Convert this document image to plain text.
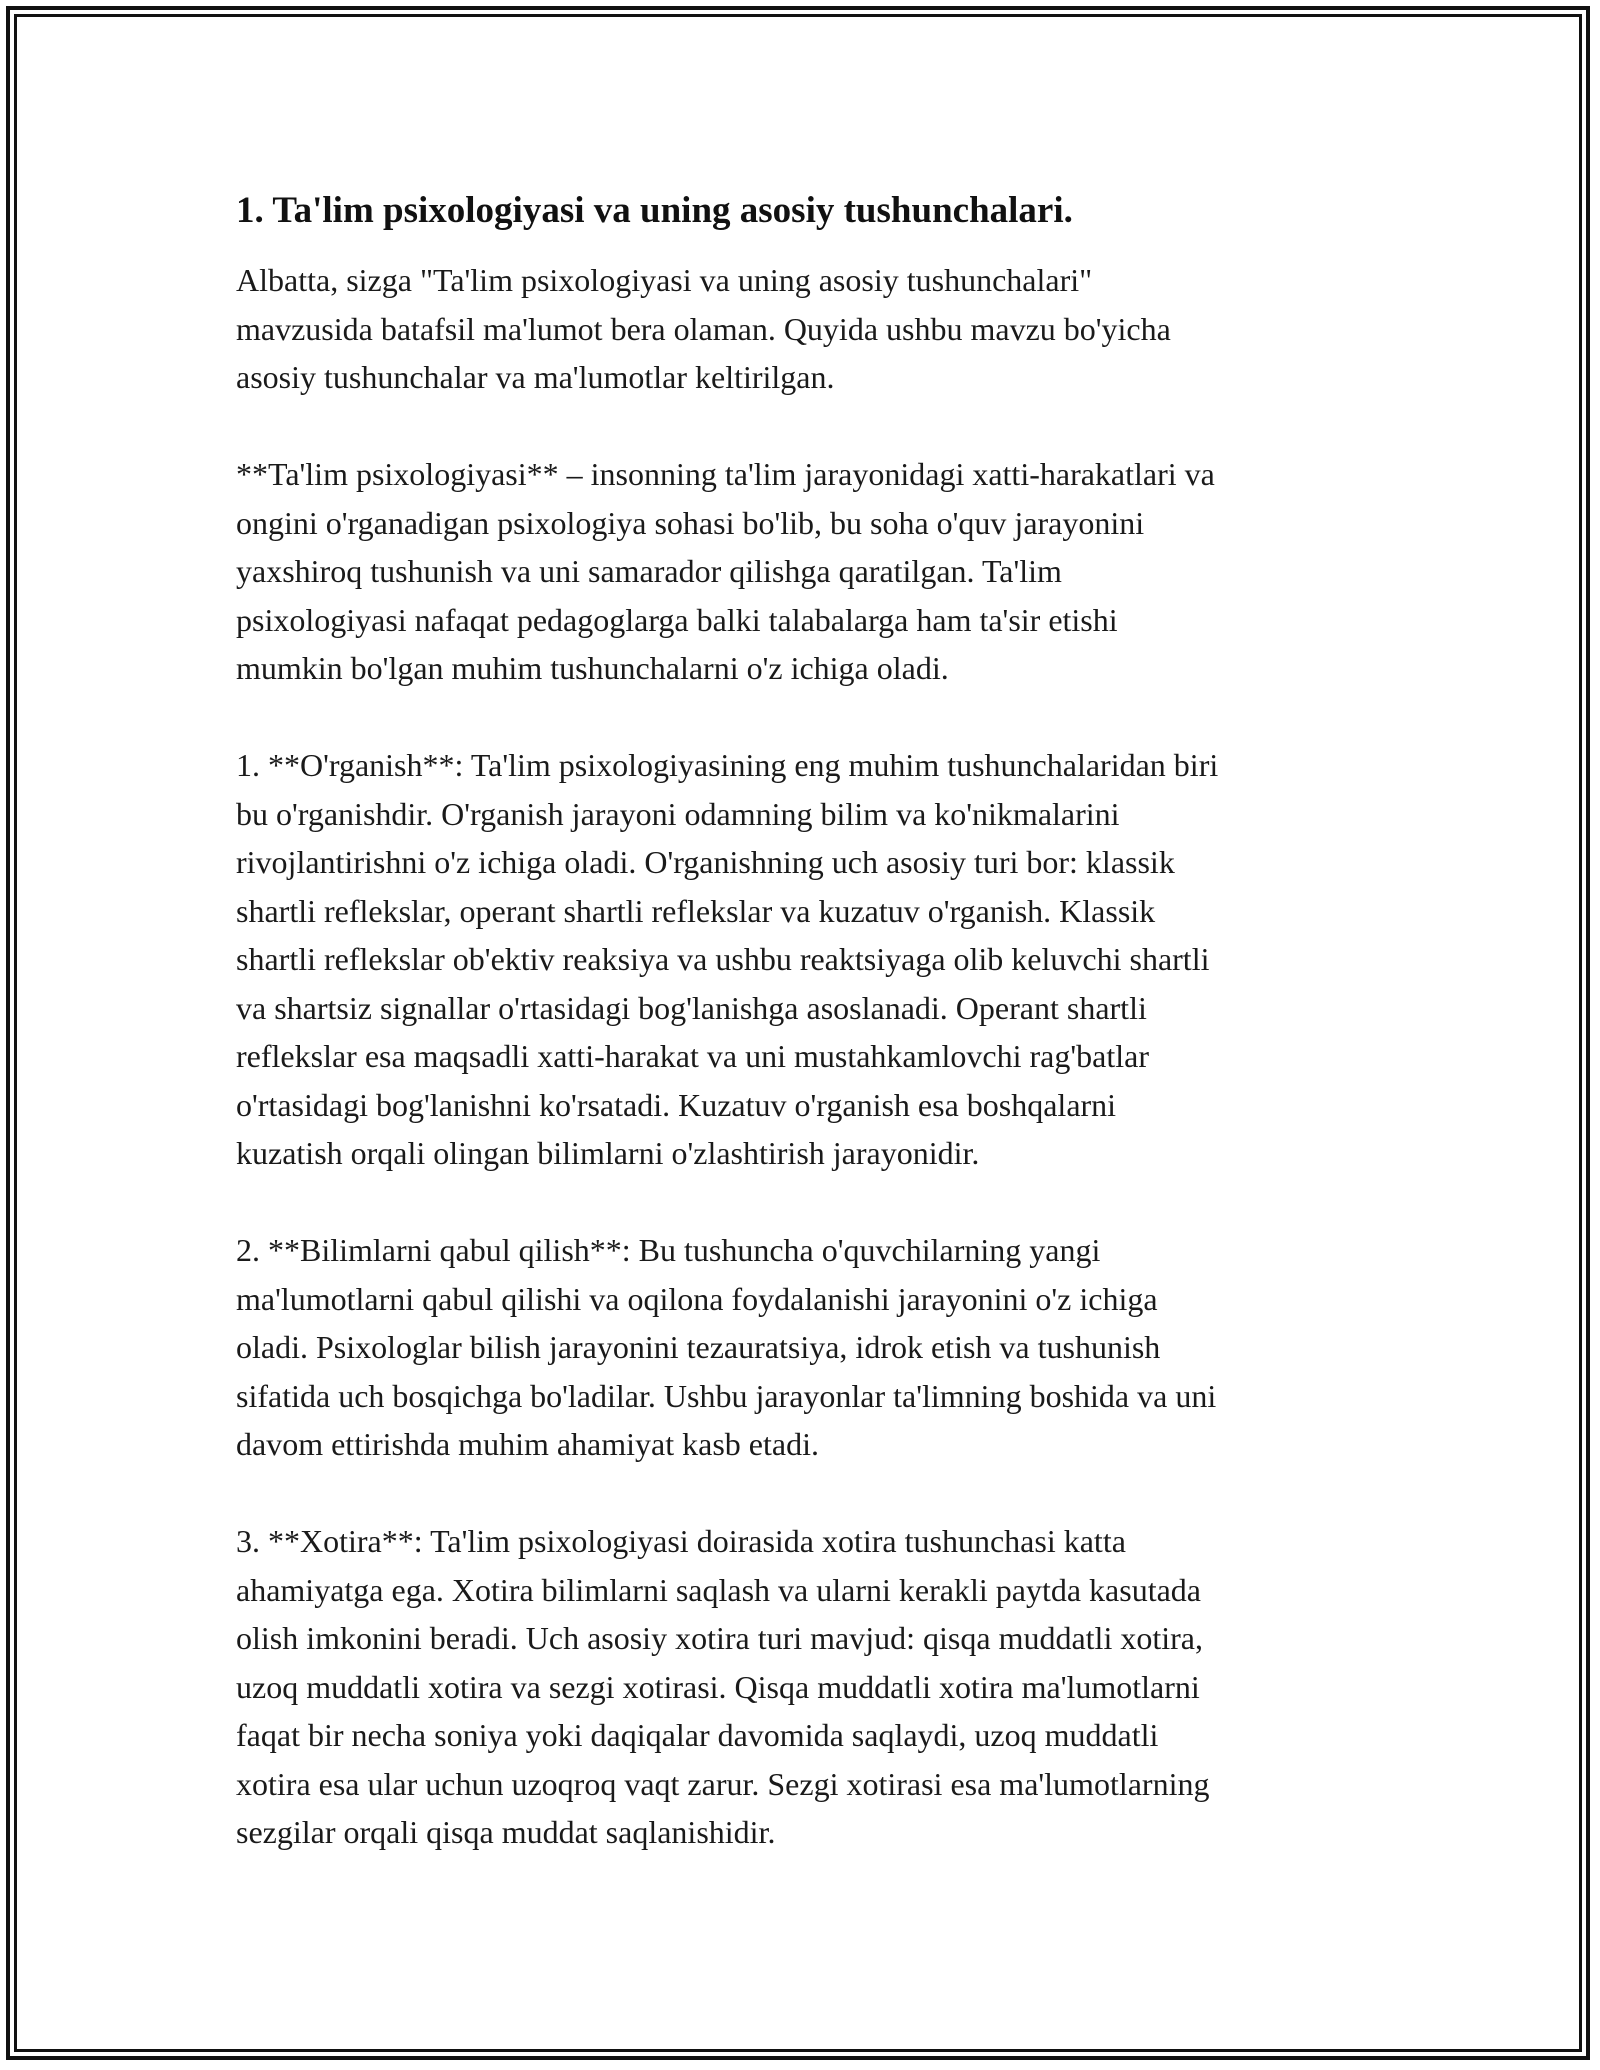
1. Ta'lim psixologiyasi va uning asosiy tushunchalari.
Albatta, sizga "Ta'lim psixologiyasi va uning asosiy tushunchalari"
mavzusida batafsil ma'lumot bera olaman. Quyida ushbu mavzu bo'yicha
asosiy tushunchalar va ma'lumotlar keltirilgan.
**Ta'lim psixologiyasi** – insonning ta'lim jarayonidagi xatti-harakatlari va
ongini o'rganadigan psixologiya sohasi bo'lib, bu soha o'quv jarayonini
yaxshiroq tushunish va uni samarador qilishga qaratilgan. Ta'lim
psixologiyasi nafaqat pedagoglarga balki talabalarga ham ta'sir etishi
mumkin bo'lgan muhim tushunchalarni o'z ichiga oladi.
1. **O'rganish**: Ta'lim psixologiyasining eng muhim tushunchalaridan biri
bu o'rganishdir. O'rganish jarayoni odamning bilim va ko'nikmalarini
rivojlantirishni o'z ichiga oladi. O'rganishning uch asosiy turi bor: klassik
shartli reflekslar, operant shartli reflekslar va kuzatuv o'rganish. Klassik
shartli reflekslar ob'ektiv reaksiya va ushbu reaktsiyaga olib keluvchi shartli
va shartsiz signallar o'rtasidagi bog'lanishga asoslanadi. Operant shartli
reflekslar esa maqsadli xatti-harakat va uni mustahkamlovchi rag'batlar
o'rtasidagi bog'lanishni ko'rsatadi. Kuzatuv o'rganish esa boshqalarni
kuzatish orqali olingan bilimlarni o'zlashtirish jarayonidir.
2. **Bilimlarni qabul qilish**: Bu tushuncha o'quvchilarning yangi
ma'lumotlarni qabul qilishi va oqilona foydalanishi jarayonini o'z ichiga
oladi. Psixologlar bilish jarayonini tezauratsiya, idrok etish va tushunish
sifatida uch bosqichga bo'ladilar. Ushbu jarayonlar ta'limning boshida va uni
davom ettirishda muhim ahamiyat kasb etadi.
3. **Xotira**: Ta'lim psixologiyasi doirasida xotira tushunchasi katta
ahamiyatga ega. Xotira bilimlarni saqlash va ularni kerakli paytda kasutada
olish imkonini beradi. Uch asosiy xotira turi mavjud: qisqa muddatli xotira,
uzoq muddatli xotira va sezgi xotirasi. Qisqa muddatli xotira ma'lumotlarni
faqat bir necha soniya yoki daqiqalar davomida saqlaydi, uzoq muddatli
xotira esa ular uchun uzoqroq vaqt zarur. Sezgi xotirasi esa ma'lumotlarning
sezgilar orqali qisqa muddat saqlanishidir.
